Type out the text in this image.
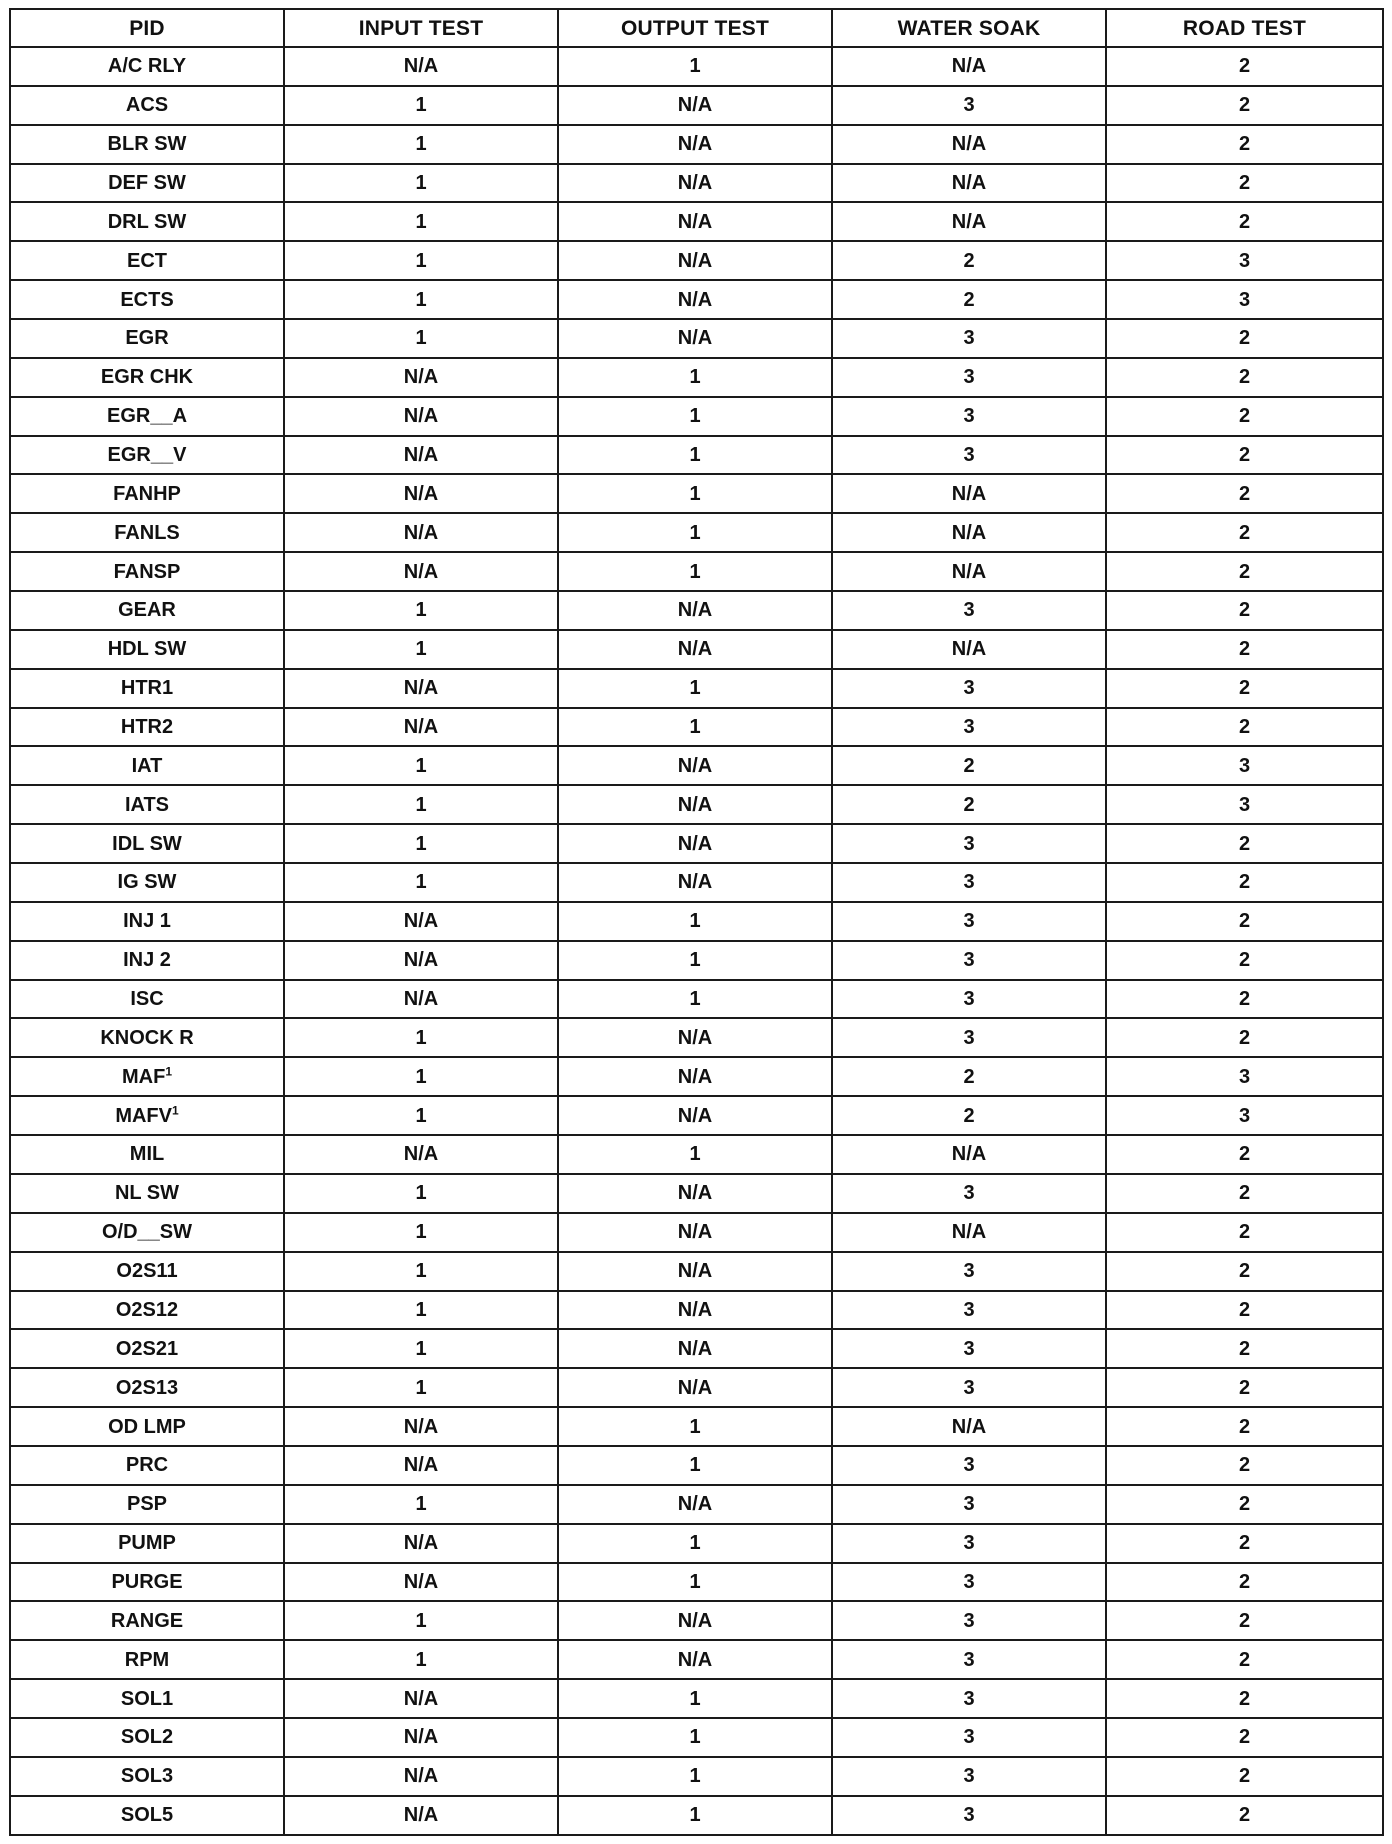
PID	INPUT TEST	OUTPUT TEST	WATER SOAK	ROAD TEST
A/C RLY	N/A	1	N/A	2
ACS	1	N/A	3	2
BLR SW	1	N/A	N/A	2
DEF SW	1	N/A	N/A	2
DRL SW	1	N/A	N/A	2
ECT	1	N/A	2	3
ECTS	1	N/A	2	3
EGR	1	N/A	3	2
EGR CHK	N/A	1	3	2
EGR__A	N/A	1	3	2
EGR__V	N/A	1	3	2
FANHP	N/A	1	N/A	2
FANLS	N/A	1	N/A	2
FANSP	N/A	1	N/A	2
GEAR	1	N/A	3	2
HDL SW	1	N/A	N/A	2
HTR1	N/A	1	3	2
HTR2	N/A	1	3	2
IAT	1	N/A	2	3
IATS	1	N/A	2	3
IDL SW	1	N/A	3	2
IG SW	1	N/A	3	2
INJ 1	N/A	1	3	2
INJ 2	N/A	1	3	2
ISC	N/A	1	3	2
KNOCK R	1	N/A	3	2
MAF$^1$	1	N/A	2	3
MAFV$^1$	1	N/A	2	3
MIL	N/A	1	N/A	2
NL SW	1	N/A	3	2
O/D__SW	1	N/A	N/A	2
O2S11	1	N/A	3	2
O2S12	1	N/A	3	2
O2S21	1	N/A	3	2
O2S13	1	N/A	3	2
OD LMP	N/A	1	N/A	2
PRC	N/A	1	3	2
PSP	1	N/A	3	2
PUMP	N/A	1	3	2
PURGE	N/A	1	3	2
RANGE	1	N/A	3	2
RPM	1	N/A	3	2
SOL1	N/A	1	3	2
SOL2	N/A	1	3	2
SOL3	N/A	1	3	2
SOL5	N/A	1	3	2
